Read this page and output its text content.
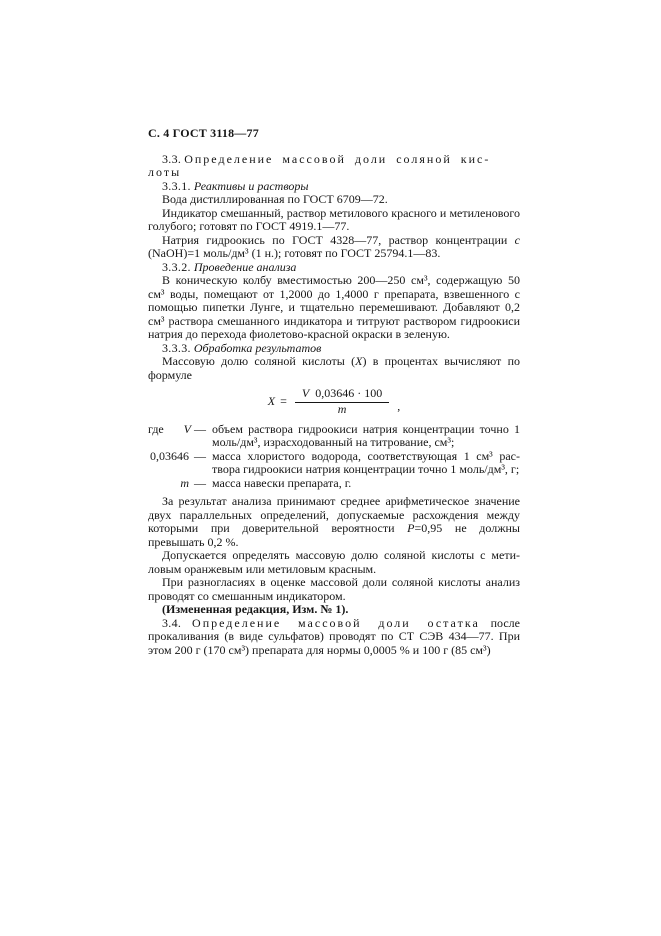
С. 4 ГОСТ 3118—77
3.3. Определение массовой доли соляной кис-
лоты

3.3.1. Реактивы и растворы

Вода дистиллированная по ГОСТ 6709—72.

Индикатор смешанный, раствор метилового красного и метиленового голубого; готовят по ГОСТ 4919.1—77.

Натрия гидроокись по ГОСТ 4328—77, раствор концентрации c (NaOH)=1 моль/дм³ (1 н.); готовят по ГОСТ 25794.1—83.

3.3.2. Проведение анализа

В коническую колбу вместимостью 200—250 см³, содержащую 50 см³ воды, помещают от 1,2000 до 1,4000 г препарата, взвешенного с помощью пипетки Лунге, и тщательно перемешивают. Добавляют 0,2 см³ раствора смешанного индикатора и титруют раствором гидроокиси натрия до перехода фиолетово-красной окраски в зеленую.

3.3.3. Обработка результатов

Массовую долю соляной кислоты (X) в процентах вычисляют по формуле

$X = \frac{V 0,03646 \cdot 100}{m}$ ,
где V — объем раствора гидроокиси натрия концентрации точно 1 моль/дм³, израсходованный на титрование, см³;
0,03646 — масса хлористого водорода, соответствующая 1 см³ раствора гидроокиси натрия концентрации точно 1 моль/дм³, г;
m — масса навески препарата, г.

За результат анализа принимают среднее арифметическое значение двух параллельных определений, допускаемые расхождения между которыми при доверительной вероятности P=0,95 не должны превышать 0,2 %.

Допускается определять массовую долю соляной кислоты с метиловым оранжевым или метиловым красным.

При разногласиях в оценке массовой доли соляной кислоты анализ проводят со смешанным индикатором.

(Измененная редакция, Изм. № 1).

3.4. Определение массовой доли остатка после прокаливания (в виде сульфатов) проводят по СТ СЭВ 434—77. При этом 200 г (170 см³) препарата для нормы 0,0005 % и 100 г (85 см³)
